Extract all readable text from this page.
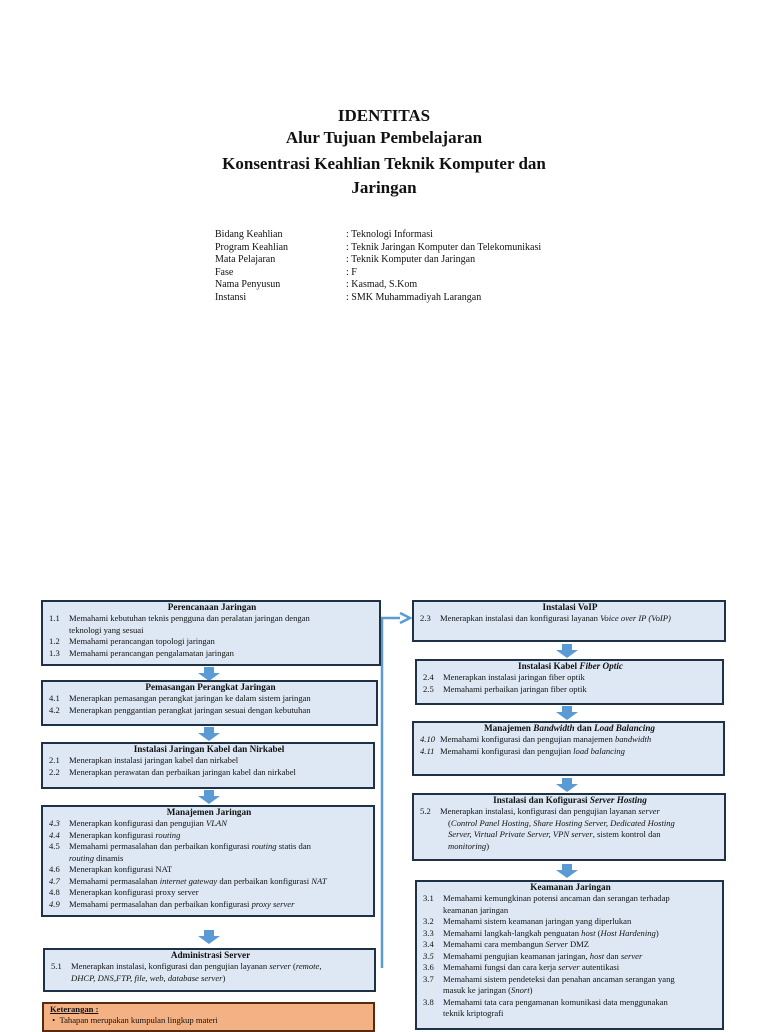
IDENTITAS
Alur Tujuan Pembelajaran
Konsentrasi Keahlian Teknik Komputer dan
Jaringan
Bidang Keahlian	: Teknologi Informasi
Program Keahlian	: Teknik Jaringan Komputer dan Telekomunikasi
Mata Pelajaran	: Teknik Komputer dan Jaringan
Fase	: F
Nama Penyusun	: Kasmad, S.Kom
Instansi	: SMK Muhammadiyah Larangan
Perencanaan Jaringan
1.1	Memahami kebutuhan teknis pengguna dan peralatan jaringan dengan
teknologi yang sesuai
1.2	Memahami perancangan topologi jaringan
1.3	Memahami perancangan pengalamatan jaringan
Pemasangan Perangkat Jaringan
4.1	Menerapkan pemasangan perangkat jaringan ke dalam sistem jaringan
4.2	Menerapkan penggantian perangkat jaringan sesuai dengan kebutuhan
Instalasi Jaringan Kabel dan Nirkabel
2.1	Menerapkan instalasi jaringan kabel dan nirkabel
2.2	Menerapkan perawatan dan perbaikan jaringan kabel dan nirkabel
Manajemen Jaringan
4.3	Menerapkan konfigurasi dan pengujian VLAN
4.4	Menerapkan konfigurasi routing
4.5	Memahami permasalahan dan perbaikan konfigurasi routing statis dan
routing dinamis
4.6	Menerapkan konfigurasi NAT
4.7	Memahami permasalahan internet gateway dan perbaikan konfigurasi NAT
4.8	Menerapkan konfigurasi proxy server
4.9	Memahami permasalahan dan perbaikan konfigurasi proxy server
Administrasi Server
5.1	Menerapkan instalasi, konfigurasi dan pengujian layanan server (remote,
DHCP, DNS,FTP, file, web, database server)
Keterangan :
•  Tahapan merupakan kumpulan lingkup materi
Instalasi VoIP
2.3	Menerapkan instalasi dan konfigurasi layanan Voice over IP (VoIP)
Instalasi Kabel Fiber Optic
2.4	Menerapkan instalasi jaringan fiber optik
2.5	Memahami perbaikan jaringan fiber optik
Manajemen Bandwidth dan Load Balancing
4.10 Memahami konfigurasi dan pengujian manajemen bandwidth
4.11 Memahami konfigurasi dan pengujian load balancing
Instalasi dan Kofigurasi Server Hosting
5.2	Menerapkan instalasi, konfigurasi dan pengujian layanan server
(Control Panel Hosting, Share Hosting Server, Dedicated Hosting
Server, Virtual Private Server, VPN server, sistem kontrol dan
monitoring)
Keamanan Jaringan
3.1	Memahami kemungkinan potensi ancaman dan serangan terhadap
keamanan jaringan
3.2	Memahami sistem keamanan jaringan yang diperlukan
3.3	Memahami langkah-langkah penguatan host (Host Hardening)
3.4	Memahami cara membangun Server DMZ
3.5	Memahami pengujian keamanan jaringan, host dan server
3.6	Memahami fungsi dan cara kerja server autentikasi
3.7	Memahami sistem pendeteksi dan penahan ancaman serangan yang
masuk ke jaringan (Snort)
3.8	Memahami tata cara pengamanan komunikasi data menggunakan
teknik kriptografi
